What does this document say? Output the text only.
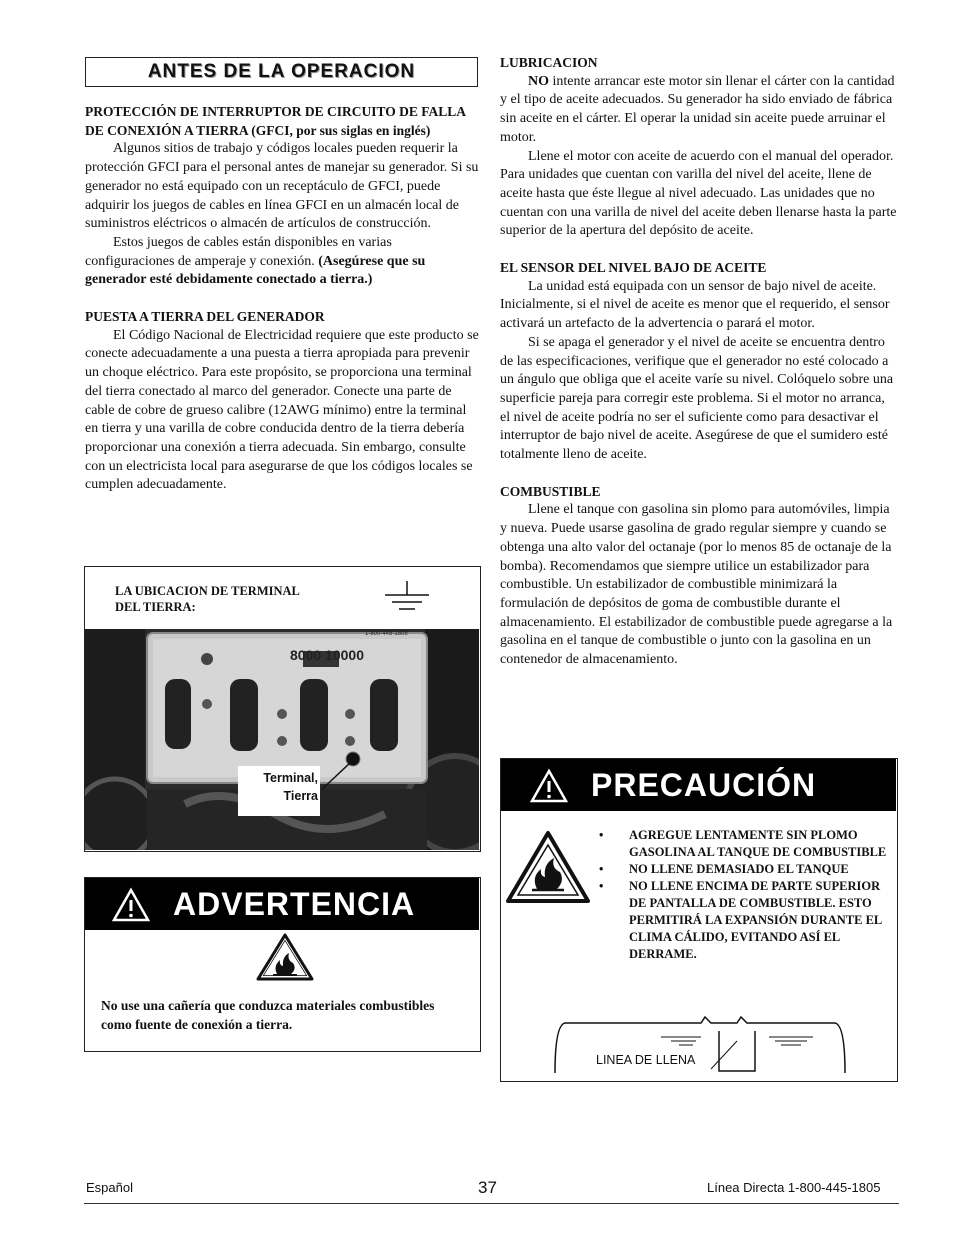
ANTES DE LA OPERACION
PROTECCIÓN DE INTERRUPTOR DE CIRCUITO DE FALLA DE CONEXIÓN A TIERRA (GFCI, por sus siglas en inglés)

Algunos sitios de trabajo y códigos locales pueden requerir la protección GFCI para el personal antes de manejar su generador. Si su generador no está equipado con un receptáculo de GFCI, puede adquirir los juegos de cables en línea GFCI en un almacén local de suministros eléctricos o almacén de artículos de construcción.

Estos juegos de cables están disponibles en varias configuraciones de amperaje y conexión. (Asegúrese que su generador esté debidamente conectado a tierra.)

PUESTA A TIERRA DEL GENERADOR

El Código Nacional de Electricidad requiere que este producto se conecte adecuadamente a una puesta a tierra apropiada para prevenir un choque eléctrico. Para este propósito, se proporciona una terminal del tierra conectado al marco del generador. Conecte una parte de cable de cobre de grueso calibre (12AWG mínimo) entre la terminal en tierra y una varilla de cobre conducida dentro de la tierra debería proporcionar una conexión a tierra adecuada. Sin embargo, consulte con un electricista local para asegurarse de que los códigos locales se cumplen adecuadamente.

LA UBICACION DE TERMINAL
DEL TIERRA:
8000 10000
1-800-445-1805
Terminal,
Tierra
ADVERTENCIA
No use una cañería que conduzca materiales combustibles como fuente de conexión a tierra.
LUBRICACION

NO intente arrancar este motor sin llenar el cárter con la cantidad y el tipo de aceite adecuados. Su generador ha sido enviado de fábrica sin aceite en el cárter. El operar la unidad sin aceite puede arruinar el motor.

Llene el motor con aceite de acuerdo con el manual del operador. Para unidades que cuentan con varilla del nivel del aceite, llene de aceite hasta que éste llegue al nivel adecuado. Las unidades que no cuentan con una varilla de nivel del aceite deben llenarse hasta la parte superior de la apertura del depósito de aceite.

EL SENSOR DEL NIVEL BAJO DE ACEITE

La unidad está equipada con un sensor de bajo nivel de aceite. Inicialmente, si el nivel de aceite es menor que el requerido, el sensor activará un artefacto de la advertencia o parará el motor.

Si se apaga el generador y el nivel de aceite se encuentra dentro de las especificaciones, verifique que el generador no esté colocado a un ángulo que obliga que el aceite varíe su nivel. Colóquelo sobre una superficie pareja para corregir este problema. Si el motor no arranca, el nivel de aceite podría no ser el suficiente como para desactivar el interruptor de bajo nivel de aceite. Asegúrese de que el sumidero esté totalmente lleno de aceite.

COMBUSTIBLE

Llene el tanque con gasolina sin plomo para automóviles, limpia y nueva. Puede usarse gasolina de grado regular siempre y cuando se obtenga una alto valor del octanaje (por lo menos 85 de octanaje de la bomba). Recomendamos que siempre utilice un estabilizador para combustible. Un estabilizador de combustible minimizará la formulación de depósitos de goma de combustible durante el almacenamiento. El estabilizador de combustible puede agregarse a la gasolina en el tanque de combustible o junto con la gasolina en un contenedor de almacenamiento.

PRECAUCIÓN
• AGREGUE LENTAMENTE SIN PLOMO GASOLINA AL TANQUE DE COMBUSTIBLE
• NO LLENE DEMASIADO EL TANQUE
• NO LLENE ENCIMA DE PARTE SUPERIOR DE PANTALLA DE COMBUSTIBLE. ESTO PERMITIRÁ LA EXPANSIÓN DURANTE EL CLIMA CÁLIDO, EVITANDO ASÍ EL DERRAME.
LINEA DE LLENA
Español	37	Línea Directa 1-800-445-1805
